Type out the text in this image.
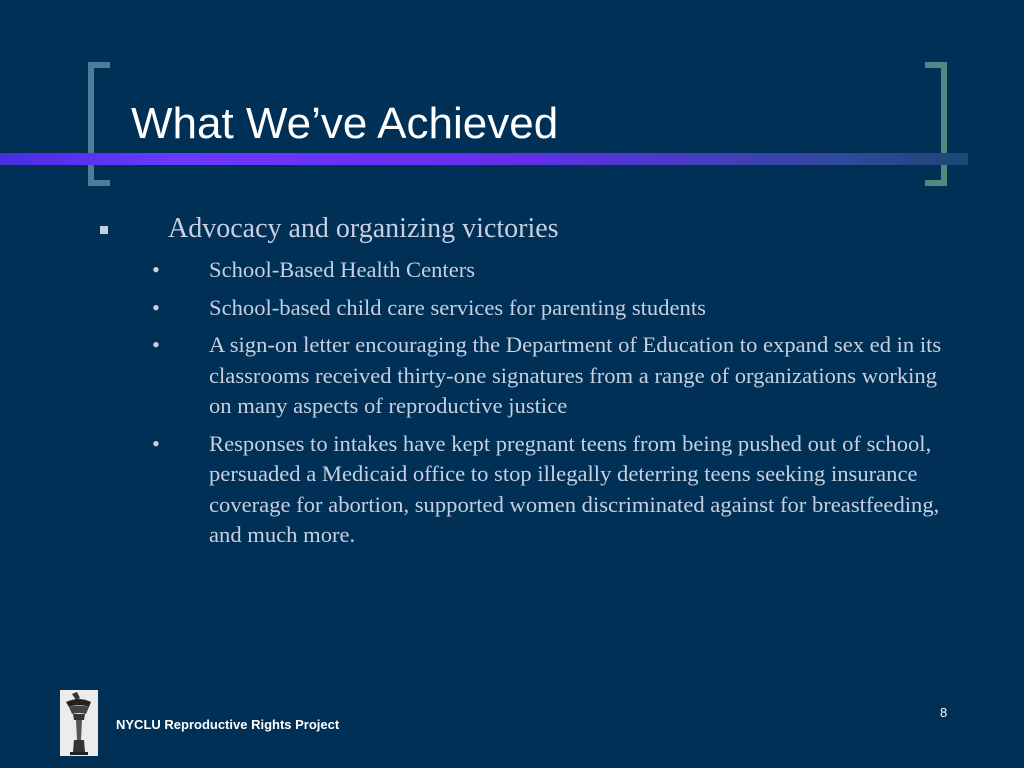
What We’ve Achieved
Advocacy and organizing victories
• School-Based Health Centers
• School-based child care services for parenting students
• A sign-on letter encouraging the Department of Education to expand sex ed in its classrooms received thirty-one signatures from a range of organizations working on many aspects of reproductive justice
• Responses to intakes have kept pregnant teens from being pushed out of school, persuaded a Medicaid office to stop illegally deterring teens seeking insurance coverage for abortion, supported women discriminated against for breastfeeding, and much more.
NYCLU Reproductive Rights Project
8
